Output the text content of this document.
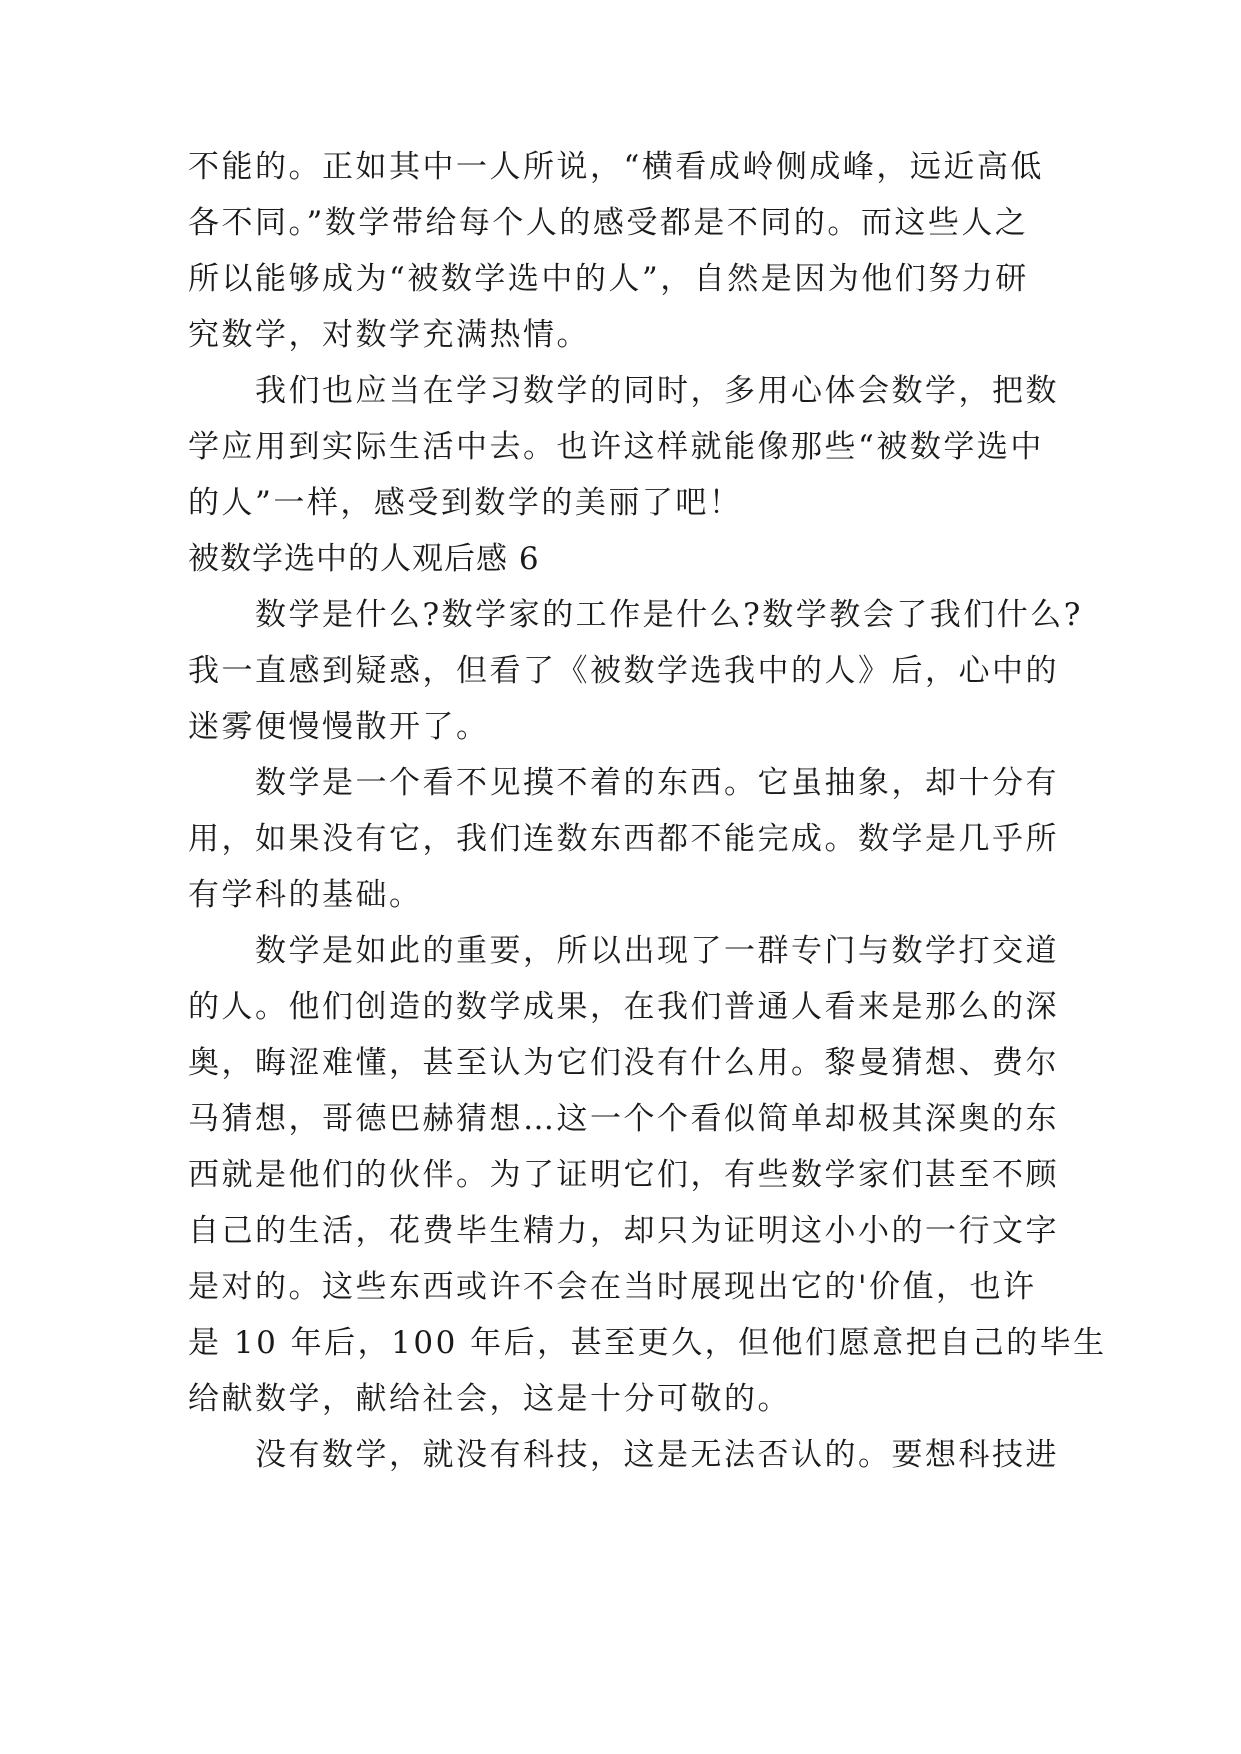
不能的。正如其中一人所说，“横看成岭侧成峰，远近高低
各不同。”数学带给每个人的感受都是不同的。而这些人之
所以能够成为“被数学选中的人”，自然是因为他们努力研
究数学，对数学充满热情。
我们也应当在学习数学的同时，多用心体会数学，把数
学应用到实际生活中去。也许这样就能像那些“被数学选中
的人”一样，感受到数学的美丽了吧！
被数学选中的人观后感 6
数学是什么?数学家的工作是什么?数学教会了我们什么?
我一直感到疑惑，但看了《被数学选我中的人》后，心中的
迷雾便慢慢散开了。
数学是一个看不见摸不着的东西。它虽抽象，却十分有
用，如果没有它，我们连数东西都不能完成。数学是几乎所
有学科的基础。
数学是如此的重要，所以出现了一群专门与数学打交道
的人。他们创造的数学成果，在我们普通人看来是那么的深
奥，晦涩难懂，甚至认为它们没有什么用。黎曼猜想、费尔
马猜想，哥德巴赫猜想…这一个个看似简单却极其深奥的东
西就是他们的伙伴。为了证明它们，有些数学家们甚至不顾
自己的生活，花费毕生精力，却只为证明这小小的一行文字
是对的。这些东西或许不会在当时展现出它的'价值，也许
是 10 年后，100 年后，甚至更久，但他们愿意把自己的毕生
给献数学，献给社会，这是十分可敬的。
没有数学，就没有科技，这是无法否认的。要想科技进
